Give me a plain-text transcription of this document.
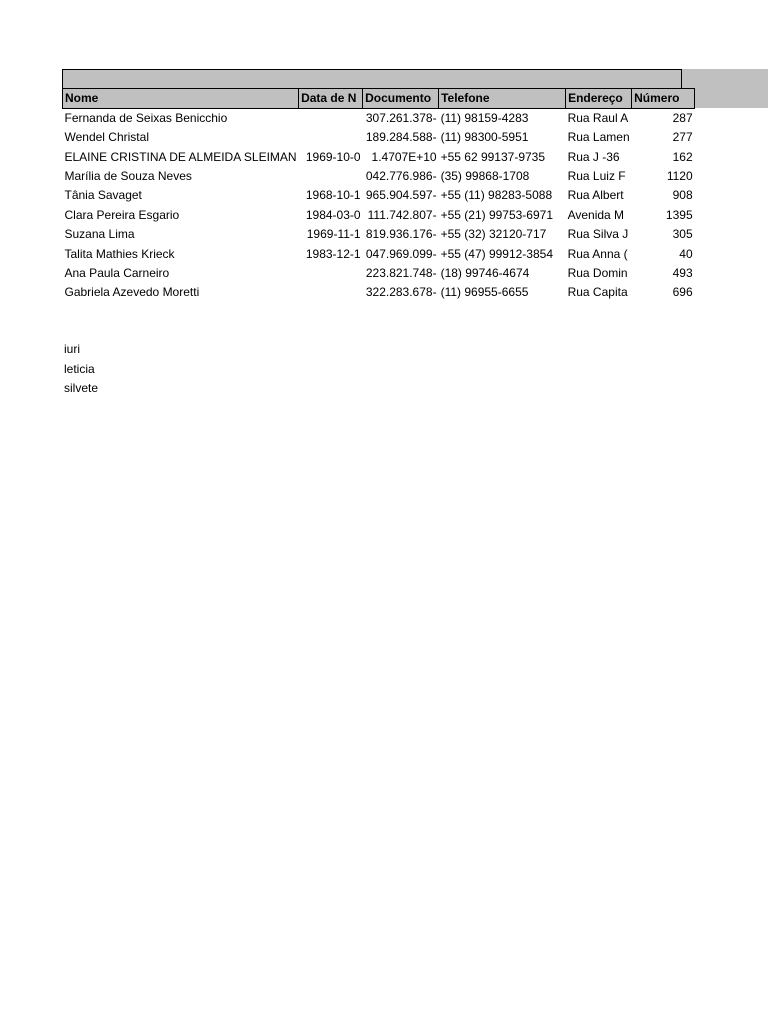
Nome	Data de N	Documento	Telefone	Endereço	Número
Fernanda de Seixas Benicchio		307.261.378-	(11) 98159-4283	Rua Raul A	287
Wendel Christal		189.284.588-	(11) 98300-5951	Rua Lamen	277
ELAINE CRISTINA DE ALMEIDA SLEIMAN	1969-10-0	1.4707E+10	+55 62 99137-9735	Rua J -36	162
Marília de Souza Neves		042.776.986-	(35) 99868-1708	Rua Luiz F	1120
Tânia Savaget	1968-10-1	965.904.597-	+55 (11) 98283-5088	Rua Albert	908
Clara Pereira Esgario	1984-03-0	111.742.807-	+55 (21) 99753-6971	Avenida M	1395
Suzana Lima	1969-11-1	819.936.176-	+55 (32) 32120-717	Rua Silva J	305
Talita Mathies Krieck	1983-12-1	047.969.099-	+55 (47) 99912-3854	Rua Anna (	40
Ana Paula Carneiro		223.821.748-	(18) 99746-4674	Rua Domin	493
Gabriela Azevedo Moretti		322.283.678-	(11) 96955-6655	Rua Capita	696
iuri
leticia
silvete
